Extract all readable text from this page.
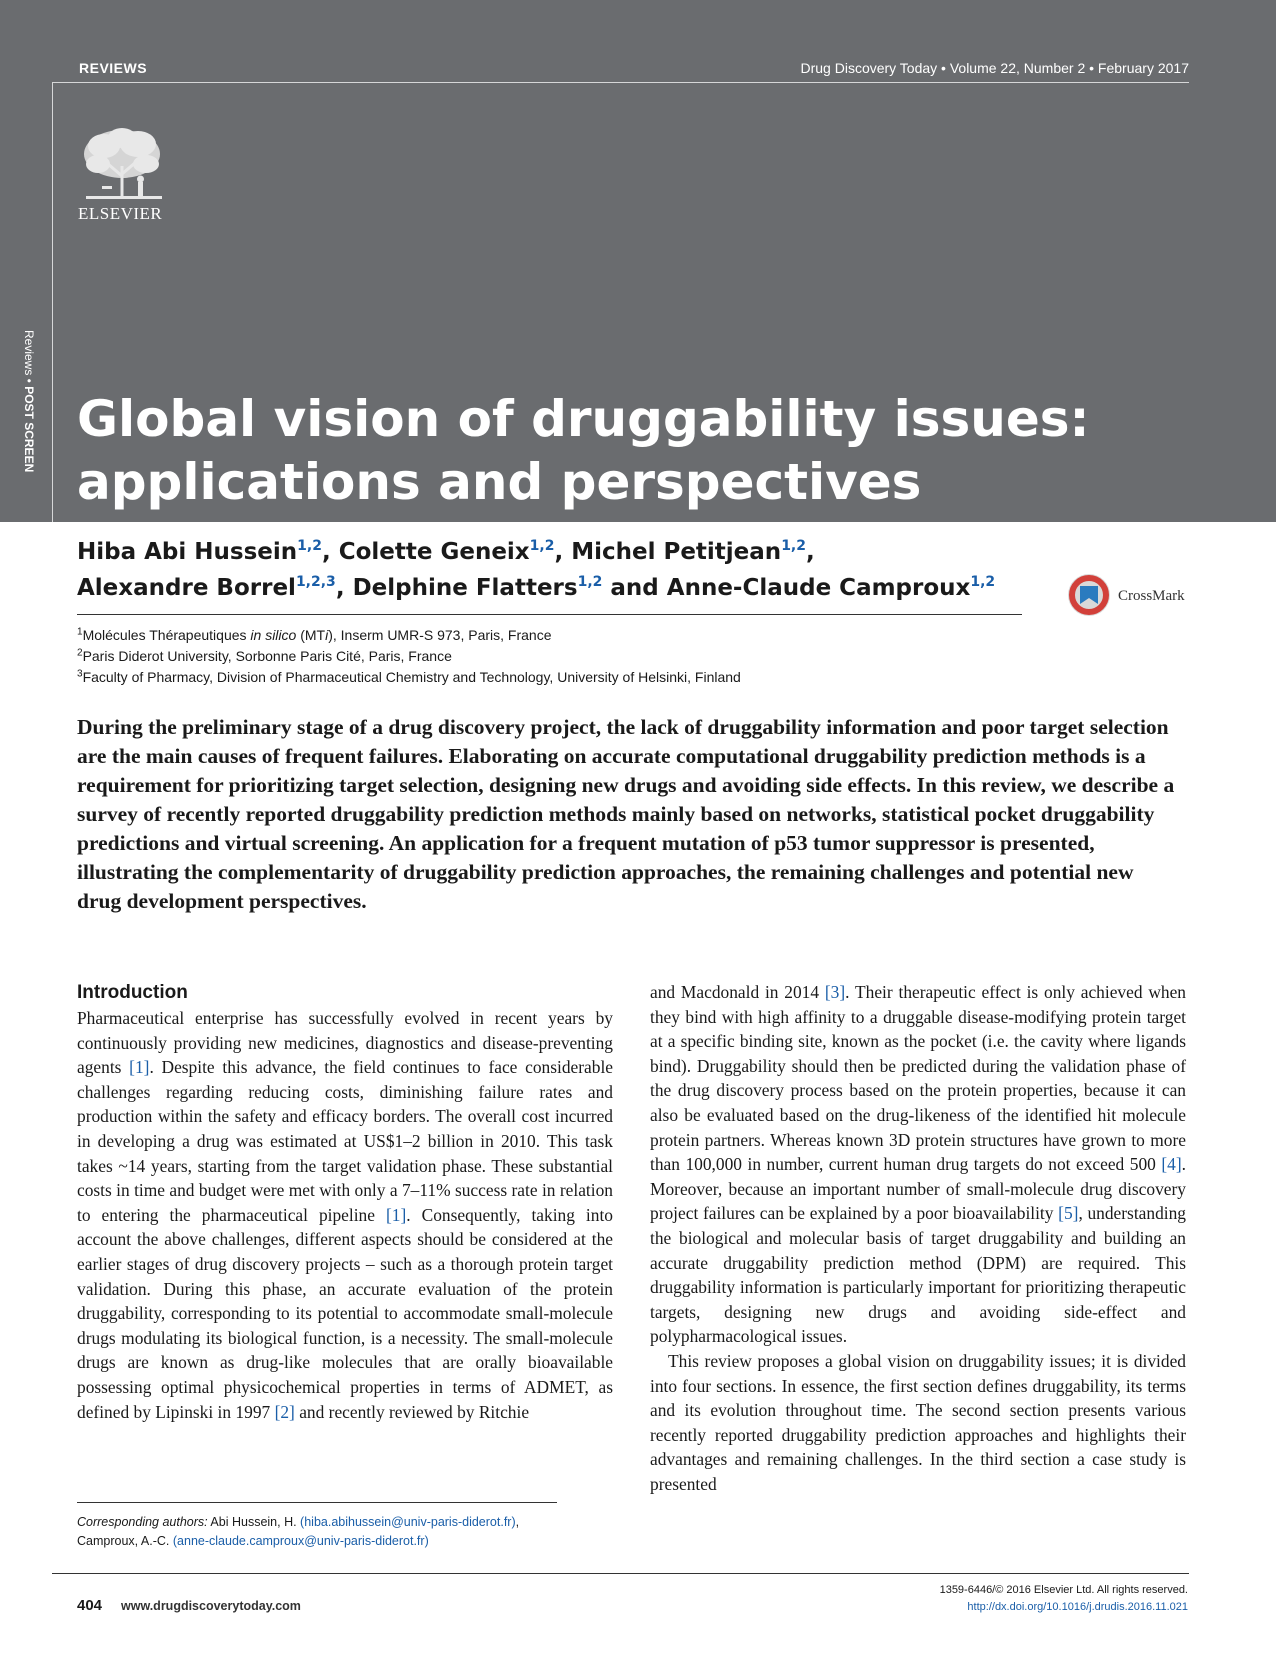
REVIEWS	Drug Discovery Today • Volume 22, Number 2 • February 2017
ELSEVIER
Reviews • POST SCREEN Global vision of druggability issues:
applications and perspectives
Hiba Abi Hussein$^{1,2}$, Colette Geneix$^{1,2}$, Michel Petitjean$^{1,2}$,
Alexandre Borrel$^{1,2,3}$, Delphine Flatters$^{1,2}$ and Anne-Claude Camproux$^{1,2}$
CrossMark
$^1$Molécules Thérapeutiques in silico (MTi), Inserm UMR-S 973, Paris, France
$^2$Paris Diderot University, Sorbonne Paris Cité, Paris, France
$^3$Faculty of Pharmacy, Division of Pharmaceutical Chemistry and Technology, University of Helsinki, Finland

During the preliminary stage of a drug discovery project, the lack of druggability information and poor target selection are the main causes of frequent failures. Elaborating on accurate computational druggability prediction methods is a requirement for prioritizing target selection, designing new drugs and avoiding side effects. In this review, we describe a survey of recently reported druggability prediction methods mainly based on networks, statistical pocket druggability predictions and virtual screening. An application for a frequent mutation of p53 tumor suppressor is presented, illustrating the complementarity of druggability prediction approaches, the remaining challenges and potential new drug development perspectives.

Introduction

Pharmaceutical enterprise has successfully evolved in recent years by continuously providing new medicines, diagnostics and disease-preventing agents [1]. Despite this advance, the field continues to face considerable challenges regarding reducing costs, diminishing failure rates and production within the safety and efficacy borders. The overall cost incurred in developing a drug was estimated at US$1–2 billion in 2010. This task takes ~14 years, starting from the target validation phase. These substantial costs in time and budget were met with only a 7–11% success rate in relation to entering the pharmaceutical pipeline [1]. Consequently, taking into account the above challenges, different aspects should be considered at the earlier stages of drug discovery projects – such as a thorough protein target validation. During this phase, an accurate evaluation of the protein druggability, corresponding to its potential to accommodate small-molecule drugs modulating its biological function, is a necessity. The small-molecule drugs are known as drug-like molecules that are orally bioavailable possessing optimal physicochemical properties in terms of ADMET, as defined by Lipinski in 1997 [2] and recently reviewed by Ritchie

and Macdonald in 2014 [3]. Their therapeutic effect is only achieved when they bind with high affinity to a druggable disease-modifying protein target at a specific binding site, known as the pocket (i.e. the cavity where ligands bind). Druggability should then be predicted during the validation phase of the drug discovery process based on the protein properties, because it can also be evaluated based on the drug-likeness of the identified hit molecule protein partners. Whereas known 3D protein structures have grown to more than 100,000 in number, current human drug targets do not exceed 500 [4]. Moreover, because an important number of small-molecule drug discovery project failures can be explained by a poor bioavailability [5], understanding the biological and molecular basis of target druggability and building an accurate druggability prediction method (DPM) are required. This druggability information is particularly important for prioritizing therapeutic targets, designing new drugs and avoiding side-effect and polypharmacological issues.

This review proposes a global vision on druggability issues; it is divided into four sections. In essence, the first section defines druggability, its terms and its evolution throughout time. The second section presents various recently reported druggability prediction approaches and highlights their advantages and remaining challenges. In the third section a case study is presented

Corresponding authors: Abi Hussein, H. (hiba.abihussein@univ-paris-diderot.fr),
Camproux, A.-C. (anne-claude.camproux@univ-paris-diderot.fr)
404 www.drugdiscoverytoday.com
1359-6446/© 2016 Elsevier Ltd. All rights reserved.
http://dx.doi.org/10.1016/j.drudis.2016.11.021
